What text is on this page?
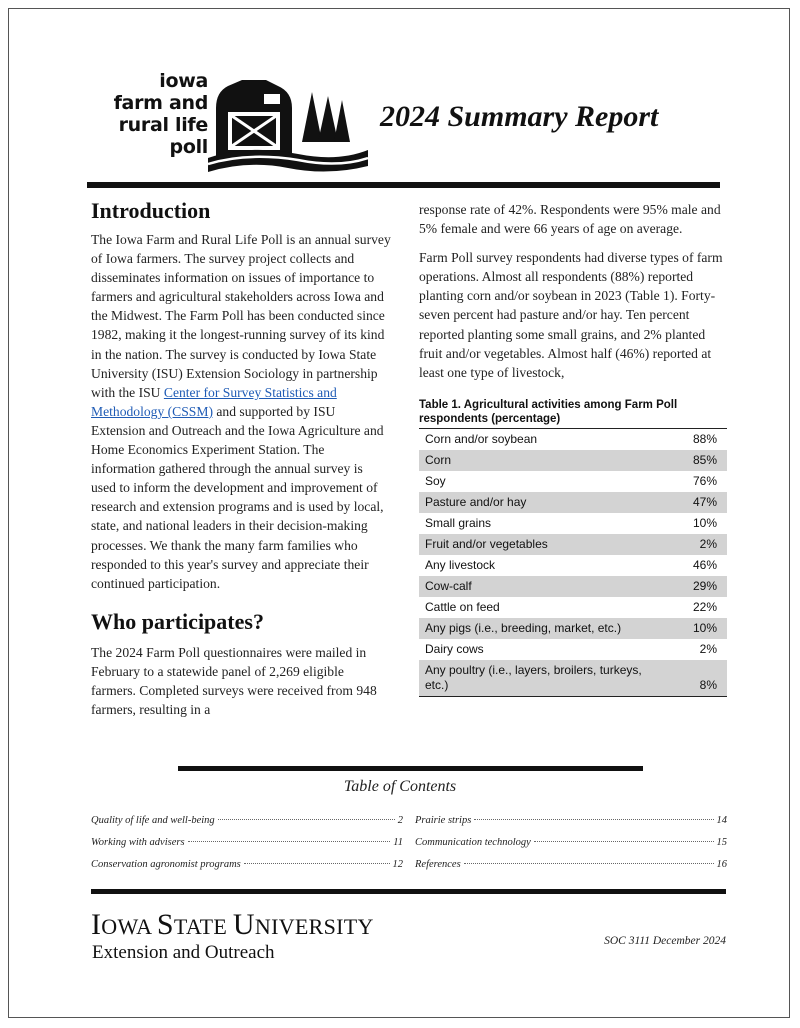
iowa
farm and
rural life
poll
2024 Summary Report
Introduction

The Iowa Farm and Rural Life Poll is an annual survey of Iowa farmers. The survey project collects and disseminates information on issues of importance to farmers and agricultural stakeholders across Iowa and the Midwest. The Farm Poll has been conducted since 1982, making it the longest-running survey of its kind in the nation. The survey is conducted by Iowa State University (ISU) Extension Sociology in partnership with the ISU Center for Survey Statistics and Methodology (CSSM) and supported by ISU Extension and Outreach and the Iowa Agriculture and Home Economics Experiment Station. The information gathered through the annual survey is used to inform the development and improvement of research and extension programs and is used by local, state, and national leaders in their decision-making processes. We thank the many farm families who responded to this year's survey and appreciate their continued participation.

Who participates?

The 2024 Farm Poll questionnaires were mailed in February to a statewide panel of 2,269 eligible farmers. Completed surveys were received from 948 farmers, resulting in a

response rate of 42%. Respondents were 95% male and 5% female and were 66 years of age on average.

Farm Poll survey respondents had diverse types of farm operations. Almost all respondents (88%) reported planting corn and/or soybean in 2023 (Table 1). Forty-seven percent had pasture and/or hay. Ten percent reported planting some small grains, and 2% planted fruit and/or vegetables. Almost half (46%) reported at least one type of livestock,

Table 1. Agricultural activities among Farm Poll respondents (percentage)

Corn and/or soybean	88%
Corn	85%
Soy	76%
Pasture and/or hay	47%
Small grains	10%
Fruit and/or vegetables	2%
Any livestock	46%
Cow-calf	29%
Cattle on feed	22%
Any pigs (i.e., breeding, market, etc.)	10%
Dairy cows	2%
Any poultry (i.e., layers, broilers, turkeys, etc.)	8%
Table of Contents
Quality of life and well-being	2
Working with advisers	11
Conservation agronomist programs	12
Prairie strips	14
Communication technology	15
References	16
IOWA STATE UNIVERSITY
Extension and Outreach
SOC 3111 December 2024
